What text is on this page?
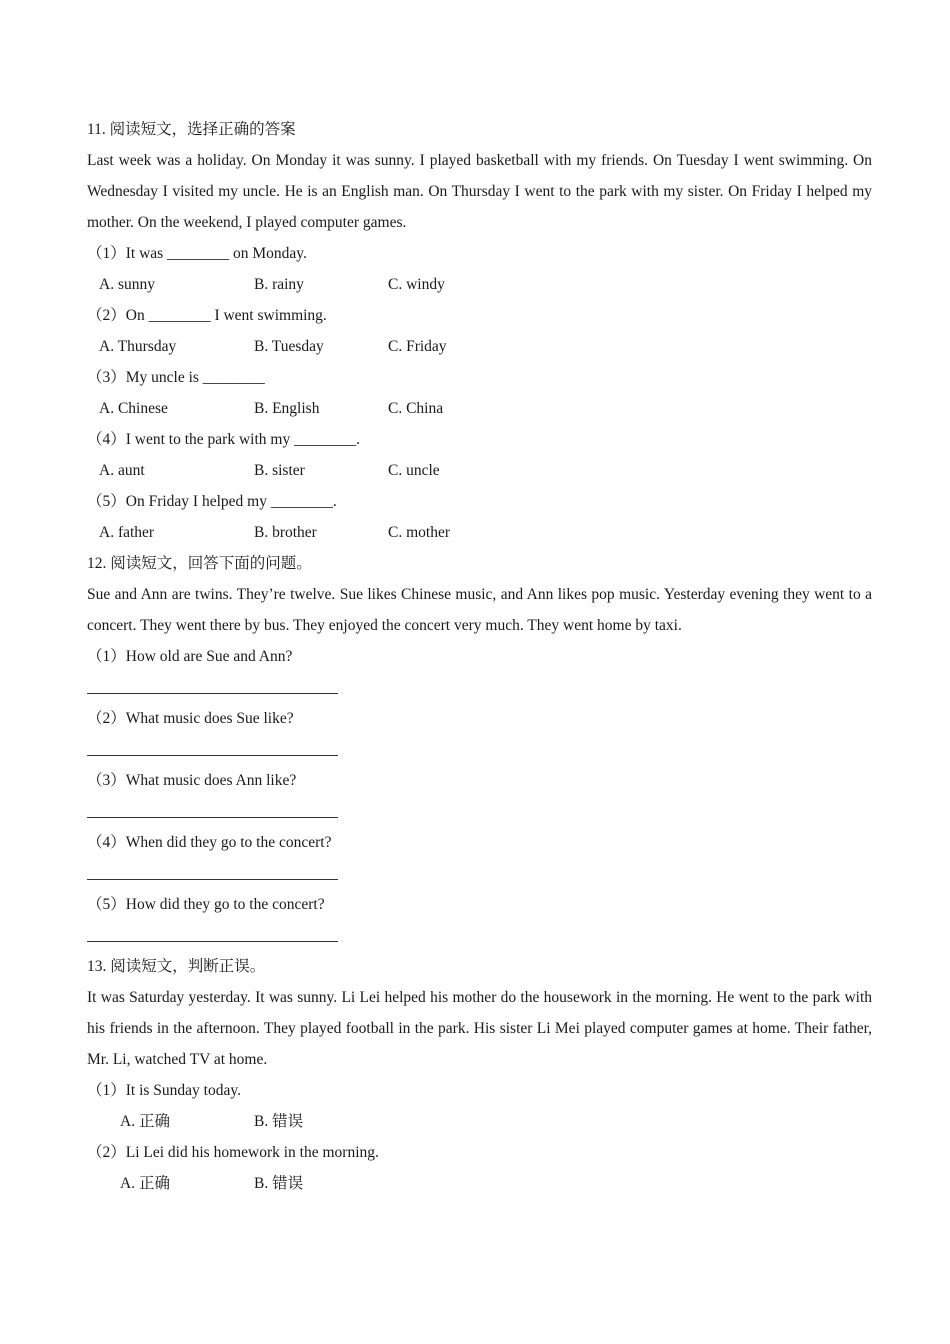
11. 阅读短文，选择正确的答案
Last week was a holiday. On Monday it was sunny. I played basketball with my friends. On Tuesday I went swimming. On Wednesday I visited my uncle. He is an English man. On Thursday I went to the park with my sister. On Friday I helped my mother. On the weekend, I played computer games.
（1）It was ________ on Monday.
A. sunny	B. rainy	C. windy
（2）On ________ I went swimming.
A. Thursday	B. Tuesday	C. Friday
（3）My uncle is ________
A. Chinese	B. English	C. China
（4）I went to the park with my ________.
A. aunt	B. sister	C. uncle
（5）On Friday I helped my ________.
A. father	B. brother	C. mother
12. 阅读短文，回答下面的问题。
Sue and Ann are twins. They’re twelve. Sue likes Chinese music, and Ann likes pop music. Yesterday evening they went to a concert. They went there by bus. They enjoyed the concert very much. They went home by taxi.
（1）How old are Sue and Ann?
（2）What music does Sue like?
（3）What music does Ann like?
（4）When did they go to the concert?
（5）How did they go to the concert?
13. 阅读短文，判断正误。
It was Saturday yesterday. It was sunny. Li Lei helped his mother do the housework in the morning. He went to the park with his friends in the afternoon. They played football in the park. His sister Li Mei played computer games at home. Their father, Mr. Li, watched TV at home.
（1）It is Sunday today.
A. 正确	B. 错误
（2）Li Lei did his homework in the morning.
A. 正确	B. 错误
